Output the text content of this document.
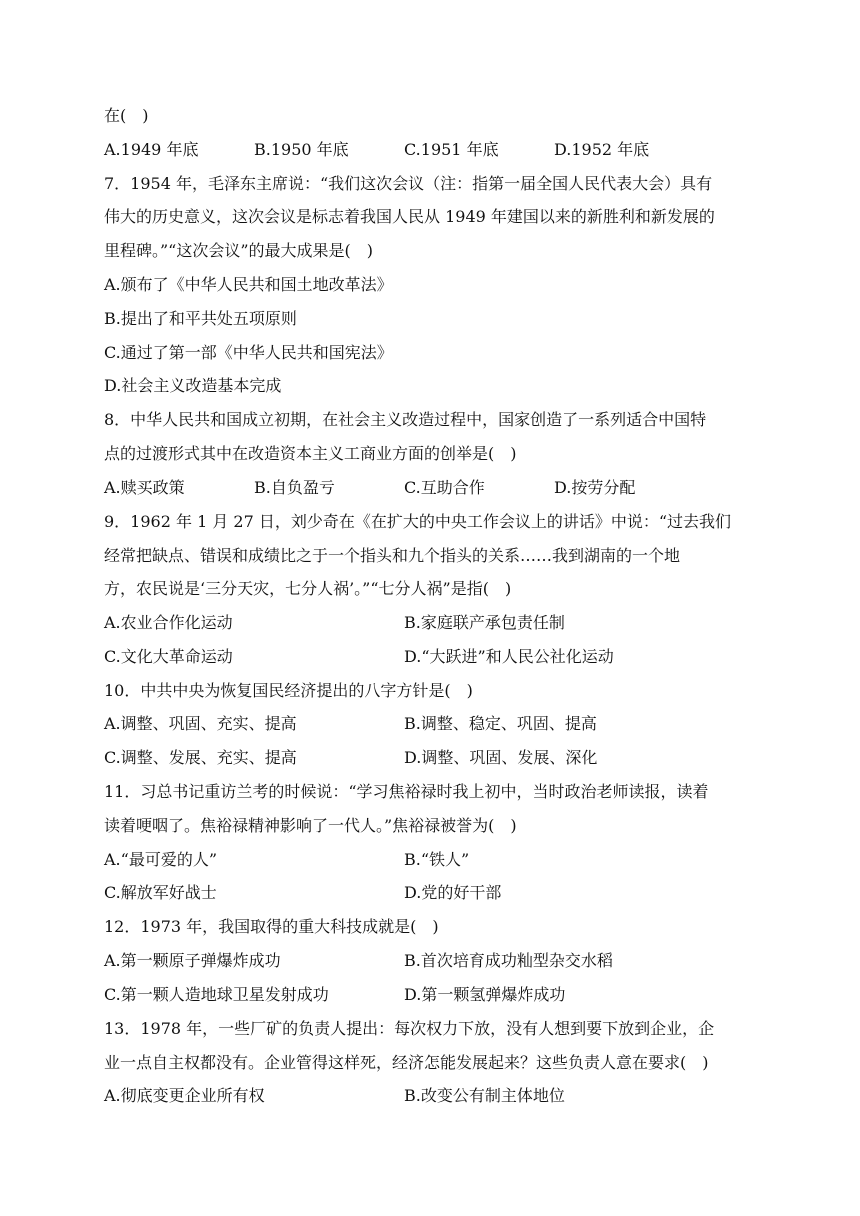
在(　)
A.1949 年底	B.1950 年底	C.1951 年底	D.1952 年底
7．1954 年，毛泽东主席说：“我们这次会议（注：指第一届全国人民代表大会）具有
伟大的历史意义，这次会议是标志着我国人民从 1949 年建国以来的新胜利和新发展的
里程碑。”“这次会议”的最大成果是(　)
A.颁布了《中华人民共和国土地改革法》
B.提出了和平共处五项原则
C.通过了第一部《中华人民共和国宪法》
D.社会主义改造基本完成
8．中华人民共和国成立初期，在社会主义改造过程中，国家创造了一系列适合中国特
点的过渡形式其中在改造资本主义工商业方面的创举是(　)
A.赎买政策	B.自负盈亏	C.互助合作	D.按劳分配
9．1962 年 1 月 27 日，刘少奇在《在扩大的中央工作会议上的讲话》中说：“过去我们
经常把缺点、错误和成绩比之于一个指头和九个指头的关系……我到湖南的一个地
方，农民说是‘三分天灾，七分人祸’。”“七分人祸”是指(　)
A.农业合作化运动	B.家庭联产承包责任制
C.文化大革命运动	D.“大跃进”和人民公社化运动
10．中共中央为恢复国民经济提出的八字方针是(　)
A.调整、巩固、充实、提高	B.调整、稳定、巩固、提高
C.调整、发展、充实、提高	D.调整、巩固、发展、深化
11．习总书记重访兰考的时候说：“学习焦裕禄时我上初中，当时政治老师读报，读着
读着哽咽了。焦裕禄精神影响了一代人。”焦裕禄被誉为(　)
A.“最可爱的人”	B.“铁人”
C.解放军好战士	D.党的好干部
12．1973 年，我国取得的重大科技成就是(　)
A.第一颗原子弹爆炸成功	B.首次培育成功籼型杂交水稻
C.第一颗人造地球卫星发射成功	D.第一颗氢弹爆炸成功
13．1978 年，一些厂矿的负责人提出：每次权力下放，没有人想到要下放到企业，企
业一点自主权都没有。企业管得这样死，经济怎能发展起来？这些负责人意在要求(　)
A.彻底变更企业所有权	B.改变公有制主体地位
